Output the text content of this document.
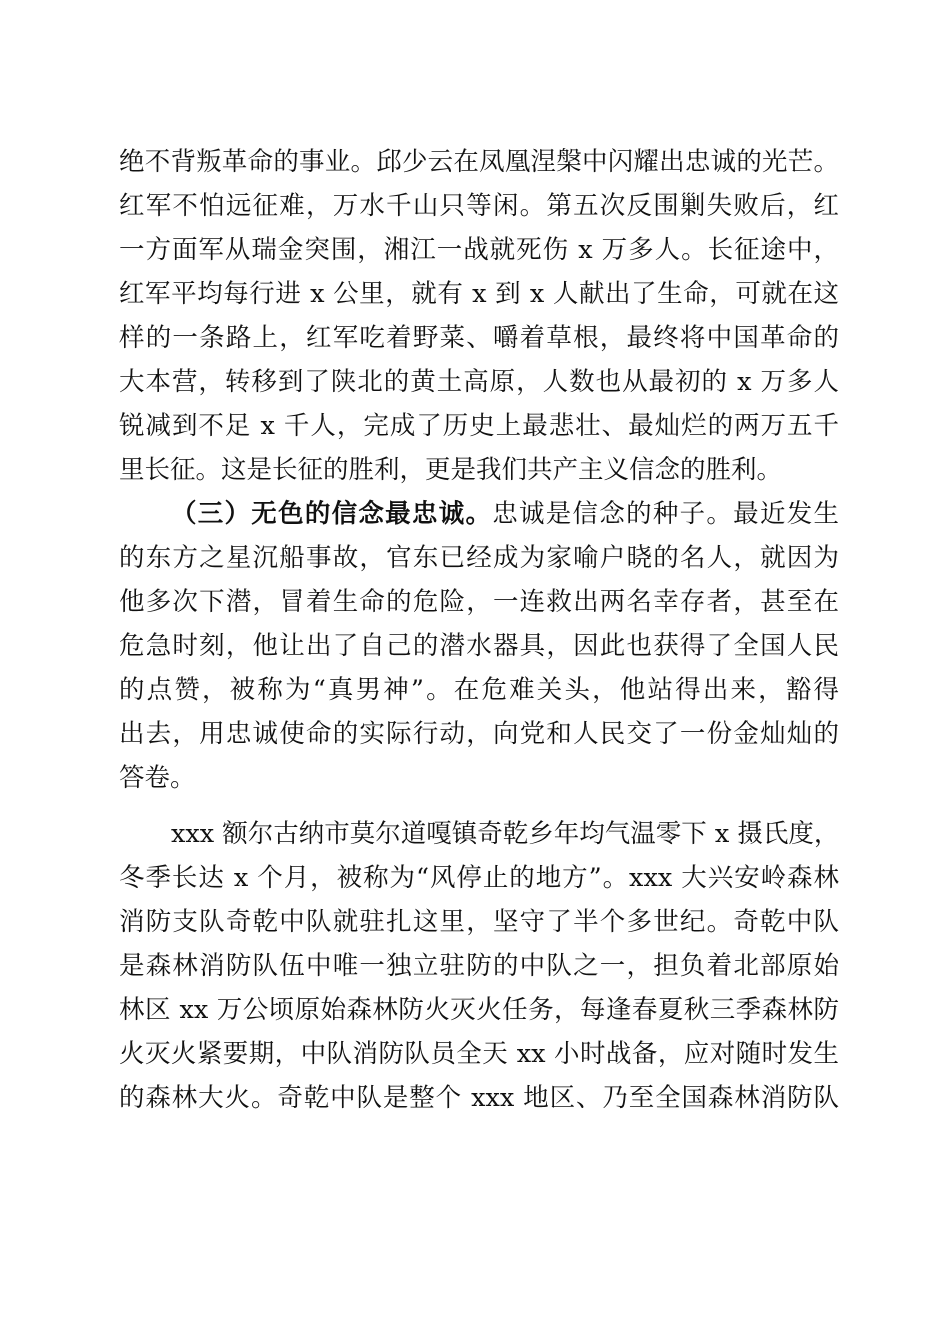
绝不背叛革命的事业。邱少云在凤凰涅槃中闪耀出忠诚的光芒。
红军不怕远征难，万水千山只等闲。第五次反围剿失败后，红
一方面军从瑞金突围，湘江一战就死伤 x 万多人。长征途中，
红军平均每行进 x 公里，就有 x 到 x 人献出了生命，可就在这
样的一条路上，红军吃着野菜、嚼着草根，最终将中国革命的
大本营，转移到了陕北的黄土高原，人数也从最初的 x 万多人
锐减到不足 x 千人，完成了历史上最悲壮、最灿烂的两万五千
里长征。这是长征的胜利，更是我们共产主义信念的胜利。
（三）无色的信念最忠诚。忠诚是信念的种子。最近发生
的东方之星沉船事故，官东已经成为家喻户晓的名人，就因为
他多次下潜，冒着生命的危险，一连救出两名幸存者，甚至在
危急时刻，他让出了自己的潜水器具，因此也获得了全国人民
的点赞，被称为“真男神”。在危难关头，他站得出来，豁得
出去，用忠诚使命的实际行动，向党和人民交了一份金灿灿的
答卷。
xxx 额尔古纳市莫尔道嘎镇奇乾乡年均气温零下 x 摄氏度，
冬季长达 x 个月，被称为“风停止的地方”。xxx 大兴安岭森林
消防支队奇乾中队就驻扎这里，坚守了半个多世纪。奇乾中队
是森林消防队伍中唯一独立驻防的中队之一，担负着北部原始
林区 xx 万公顷原始森林防火灭火任务，每逢春夏秋三季森林防
火灭火紧要期，中队消防队员全天 xx 小时战备，应对随时发生
的森林大火。奇乾中队是整个 xxx 地区、乃至全国森林消防队
